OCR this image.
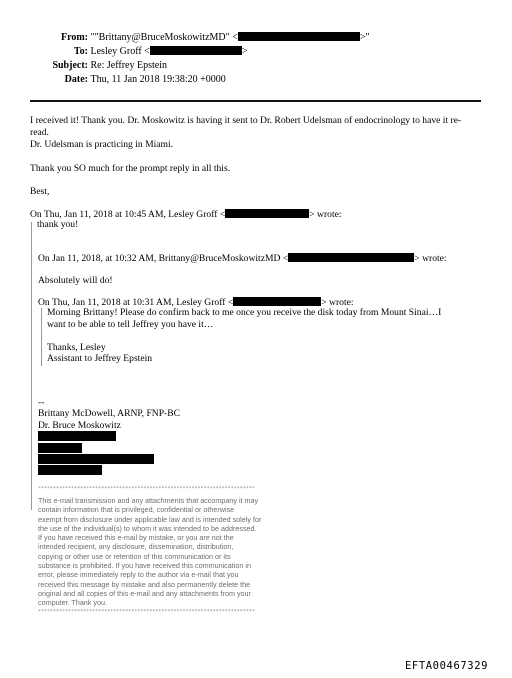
From: ""Brittany@BruceMoskowitzMD" <	>"
To: Lesley Groff <	>
Subject: Re: Jeffrey Epstein
Date: Thu, 11 Jan 2018 19:38:20 +0000
I received it! Thank you. Dr. Moskowitz is having it sent to Dr. Robert Udelsman of endocrinology to have it re-
read.
Dr. Udelsman is practicing in Miami.
Thank you SO much for the prompt reply in all this.
Best,
On Thu, Jan 11, 2018 at 10:45 AM, Lesley Groff <	> wrote:
thank you!
On Jan 11, 2018, at 10:32 AM, Brittany@BruceMoskowitzMD <	> wrote:
Absolutely will do!
On Thu, Jan 11, 2018 at 10:31 AM, Lesley Groff <	> wrote:
Morning Brittany! Please do confirm back to me once you receive the disk today from Mount Sinai…I
want to be able to tell Jeffrey you have it…
Thanks, Lesley
Assistant to Jeffrey Epstein
--
Brittany McDowell, ARNP, FNP-BC
Dr. Bruce Moskowitz
************************************************************************
This e-mail transmission and any attachments that accompany it may
contain information that is privileged, confidential or otherwise
exempt from disclosure under applicable law and is intended solely for
the use of the individual(s) to whom it was intended to be addressed.
If you have received this e-mail by mistake, or you are not the
intended recipient, any disclosure, dissemination, distribution,
copying or other use or retention of this communication or its
substance is prohibited. If you have received this communication in
error, please immediately reply to the author via e-mail that you
received this message by mistake and also permanently delete the
original and all copies of this e-mail and any attachments from your
computer. Thank you.
************************************************************************
EFTA00467329
